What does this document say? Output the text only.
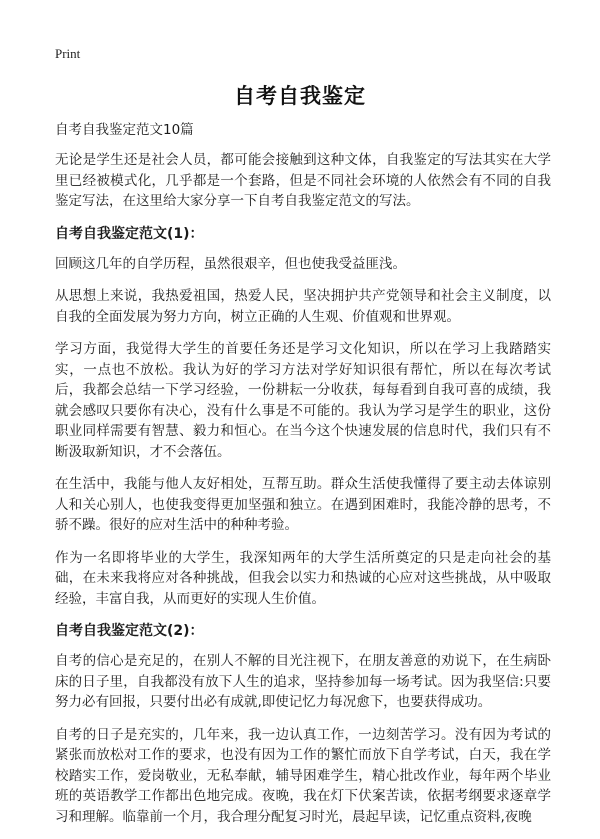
Print
自考自我鉴定
自考自我鉴定范文10篇

无论是学生还是社会人员，都可能会接触到这种文体，自我鉴定的写法其实在大学里已经被模式化，几乎都是一个套路，但是不同社会环境的人依然会有不同的自我鉴定写法，在这里给大家分享一下自考自我鉴定范文的写法。

自考自我鉴定范文(1)：

回顾这几年的自学历程，虽然很艰辛，但也使我受益匪浅。

从思想上来说，我热爱祖国，热爱人民，坚决拥护共产党领导和社会主义制度，以自我的全面发展为努力方向，树立正确的人生观、价值观和世界观。

学习方面，我觉得大学生的首要任务还是学习文化知识，所以在学习上我踏踏实实，一点也不放松。我认为好的学习方法对学好知识很有帮忙，所以在每次考试后，我都会总结一下学习经验，一份耕耘一分收获，每每看到自我可喜的成绩，我就会感叹只要你有决心，没有什么事是不可能的。我认为学习是学生的职业，这份职业同样需要有智慧、毅力和恒心。在当今这个快速发展的信息时代，我们只有不断汲取新知识，才不会落伍。

在生活中，我能与他人友好相处，互帮互助。群众生活使我懂得了要主动去体谅别人和关心别人，也使我变得更加坚强和独立。在遇到困难时，我能冷静的思考，不骄不躁。很好的应对生活中的种种考验。

作为一名即将毕业的大学生，我深知两年的大学生活所奠定的只是走向社会的基础，在未来我将应对各种挑战，但我会以实力和热诚的心应对这些挑战，从中吸取经验，丰富自我，从而更好的实现人生价值。

自考自我鉴定范文(2)：

自考的信心是充足的，在别人不解的目光注视下，在朋友善意的劝说下，在生病卧床的日子里，自我都没有放下人生的追求，坚持参加每一场考试。因为我坚信:只要努力必有回报，只要付出必有成就,即使记忆力每况愈下，也要获得成功。

自考的日子是充实的，几年来，我一边认真工作，一边刻苦学习。没有因为考试的紧张而放松对工作的要求，也没有因为工作的繁忙而放下自学考试，白天，我在学校踏实工作，爱岗敬业，无私奉献，辅导困难学生，精心批改作业，每年两个毕业班的英语教学工作都出色地完成。夜晚，我在灯下伏案苦读，依据考纲要求逐章学习和理解。临靠前一个月，我合理分配复习时光，晨起早读，记忆重点资料,夜晚
